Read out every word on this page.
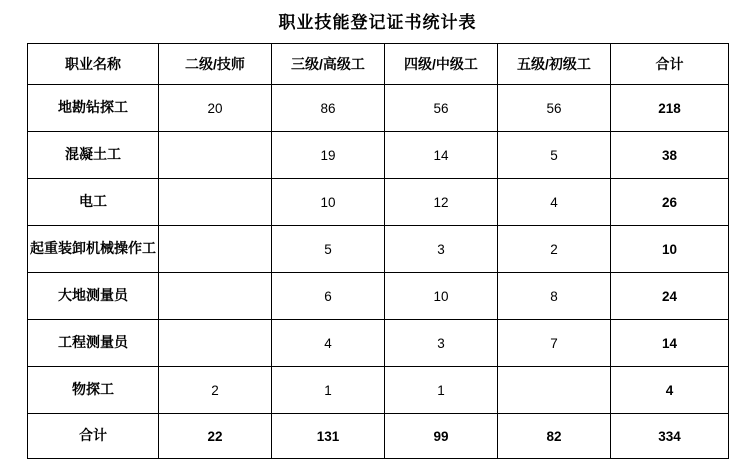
职业技能登记证书统计表
职业名称	二级/技师	三级/高级工	四级/中级工	五级/初级工	合计
地勘钻探工	20	86	56	56	218
混凝土工		19	14	5	38
电工		10	12	4	26
起重装卸机械操作工		5	3	2	10
大地测量员		6	10	8	24
工程测量员		4	3	7	14
物探工	2	1	1		4
合计	22	131	99	82	334
